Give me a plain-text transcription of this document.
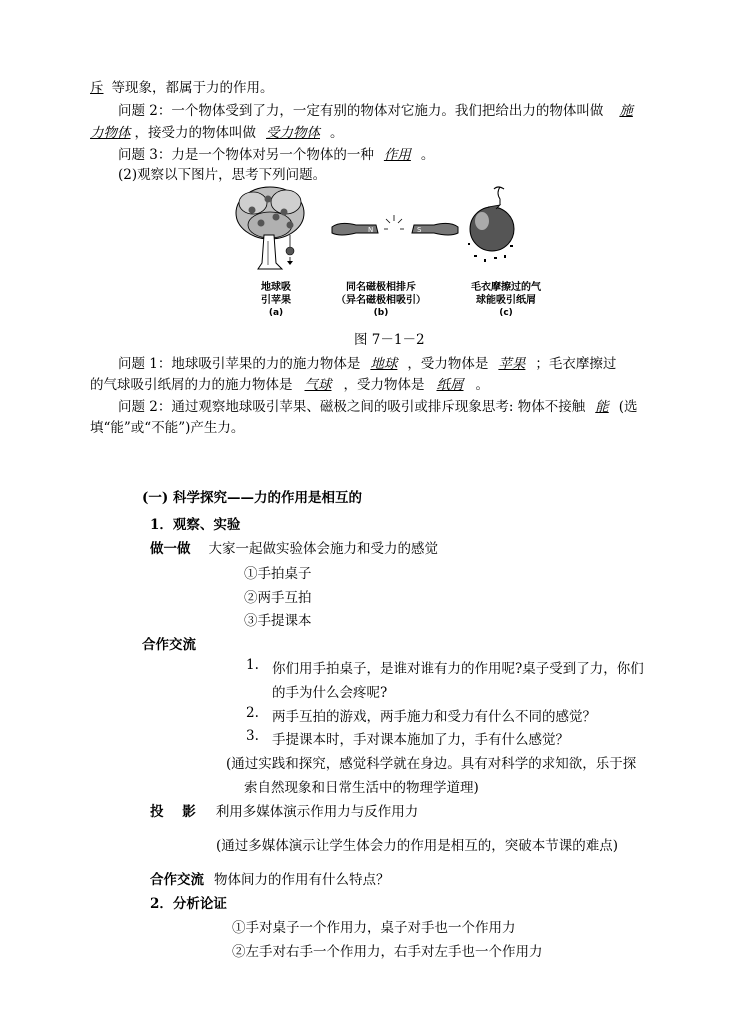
斥 等现象，都属于力的作用。
问题 2：一个物体受到了力，一定有别的物体对它施力。我们把给出力的物体叫做 施
力物体 ，接受力的物体叫做 受力物体 。
问题 3：力是一个物体对另一个物体的一种 作用 。
(2)观察以下图片，思考下列问题。
N	S
地球吸
引苹果
(a)
同名磁极相排斥
（异名磁极相吸引）
(b)
毛衣摩擦过的气
球能吸引纸屑
(c)
图 7－1－2
问题 1：地球吸引苹果的力的施力物体是 地球 ，受力物体是 苹果 ；毛衣摩擦过
的气球吸引纸屑的力的施力物体是 气球 ，受力物体是 纸屑 。
问题 2：通过观察地球吸引苹果、磁极之间的吸引或排斥现象思考: 物体不接触 能 (选
填“能”或“不能”)产生力。
(一) 科学探究——力的作用是相互的
1．观察、实验
做一做 大家一起做实验体会施力和受力的感觉
①手拍桌子
②两手互拍
③手提课本
合作交流
1. 你们用手拍桌子，是谁对谁有力的作用呢?桌子受到了力，你们
的手为什么会疼呢?
2. 两手互拍的游戏，两手施力和受力有什么不同的感觉？
3. 手提课本时，手对课本施加了力，手有什么感觉？
(通过实践和探究，感觉科学就在身边。具有对科学的求知欲，乐于探
索自然现象和日常生活中的物理学道理)
投    影 利用多媒体演示作用力与反作用力
(通过多媒体演示让学生体会力的作用是相互的，突破本节课的难点)
合作交流 物体间力的作用有什么特点？
2．分析论证
①手对桌子一个作用力，桌子对手也一个作用力
②左手对右手一个作用力，右手对左手也一个作用力
